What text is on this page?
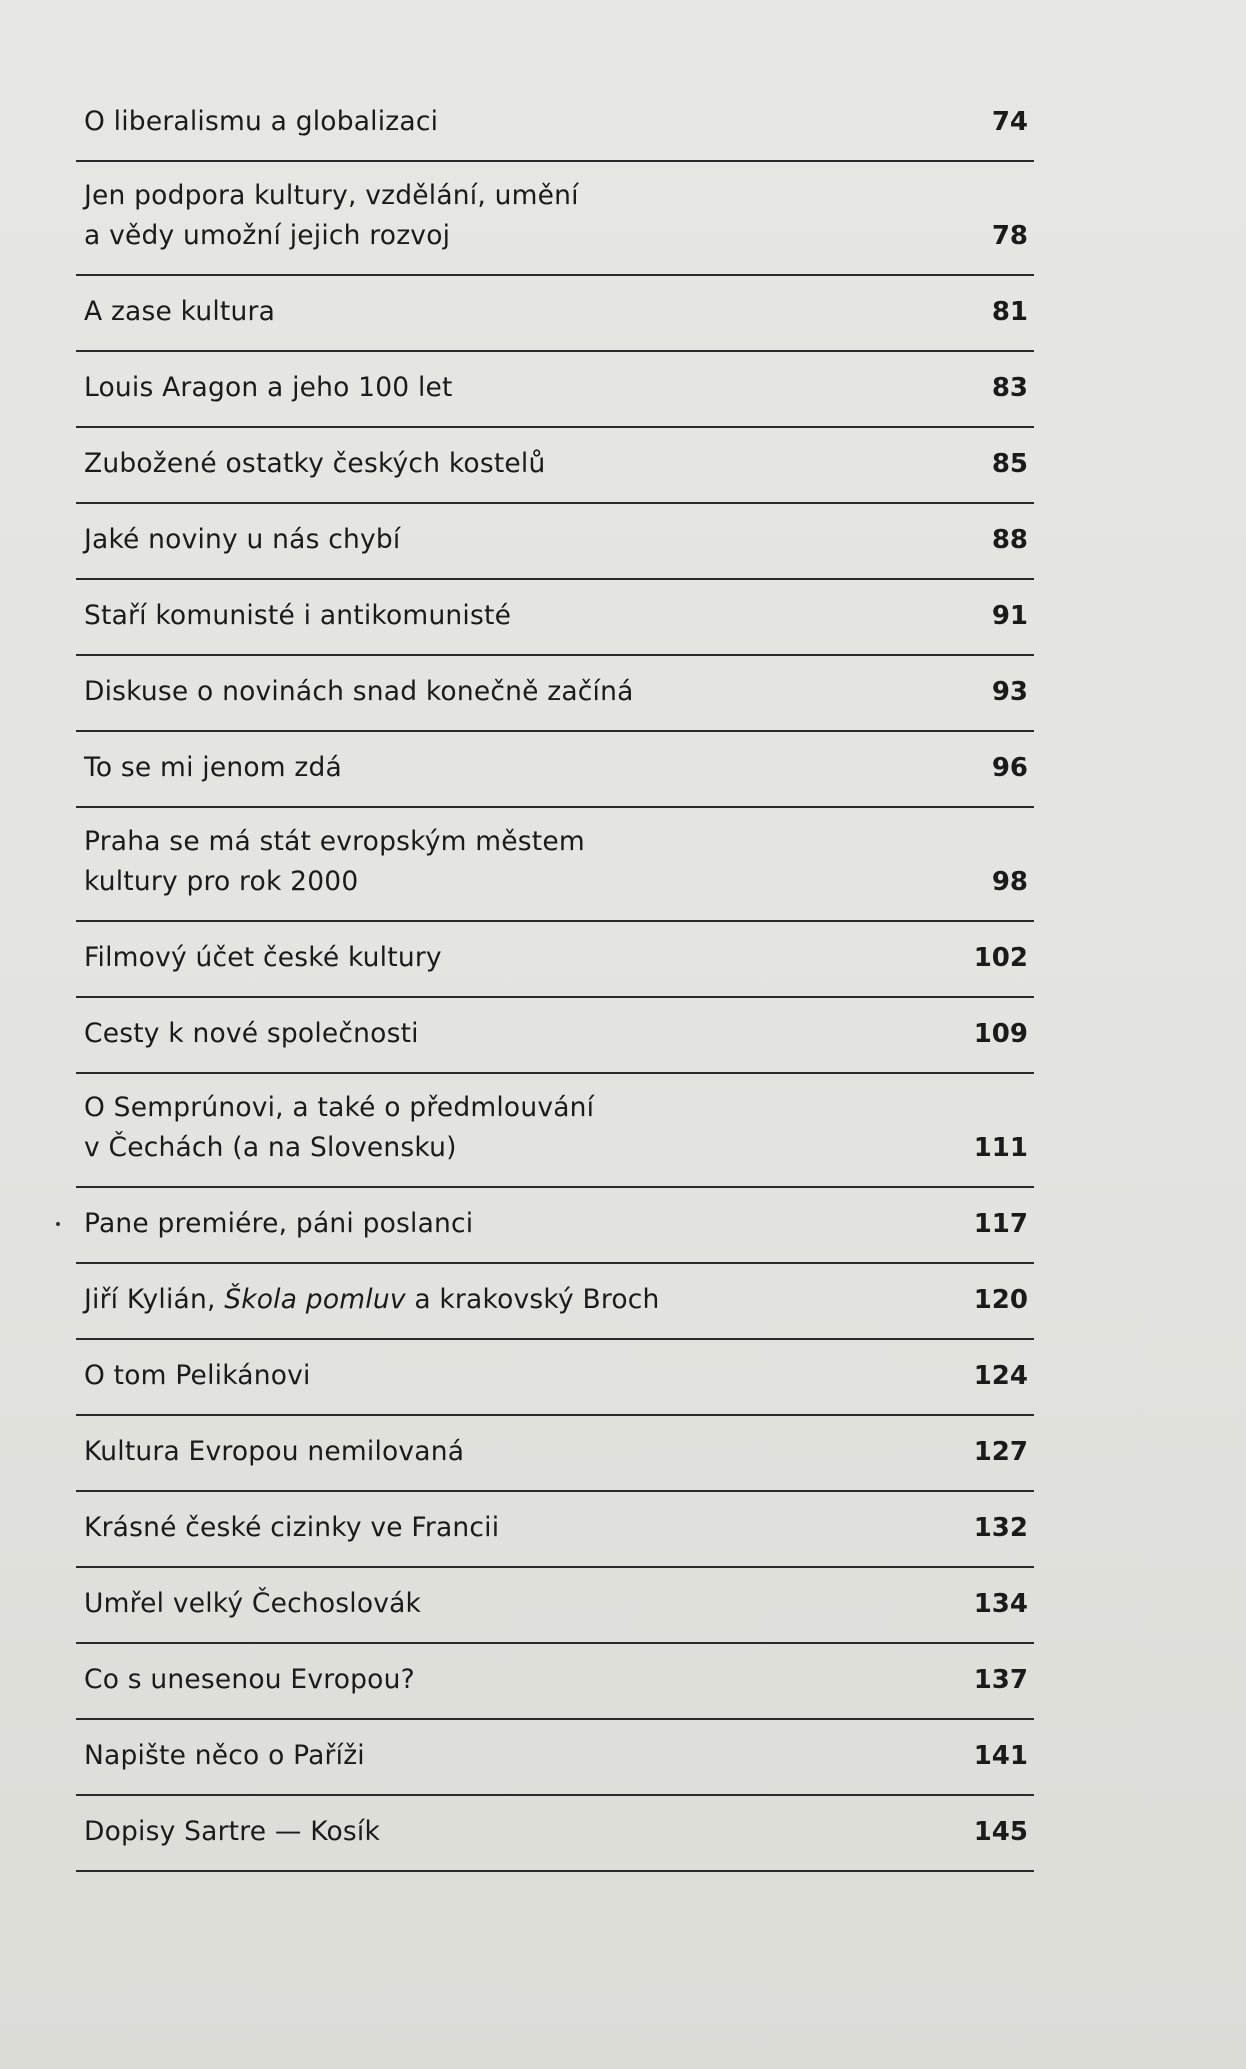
O liberalismu a globalizaci	74
Jen podpora kultury, vzdělání, umění
a vědy umožní jejich rozvoj	78
A zase kultura	81
Louis Aragon a jeho 100 let	83
Zubožené ostatky českých kostelů	85
Jaké noviny u nás chybí	88
Staří komunisté i antikomunisté	91
Diskuse o novinách snad konečně začíná	93
To se mi jenom zdá	96
Praha se má stát evropským městem
kultury pro rok 2000	98
Filmový účet české kultury	102
Cesty k nové společnosti	109
O Semprúnovi, a také o předmlouvání
v Čechách (a na Slovensku)	111
Pane premiére, páni poslanci	117
Jiří Kylián, Škola pomluv a krakovský Broch	120
O tom Pelikánovi	124
Kultura Evropou nemilovaná	127
Krásné české cizinky ve Francii	132
Umřel velký Čechoslovák	134
Co s unesenou Evropou?	137
Napište něco o Paříži	141
Dopisy Sartre — Kosík	145
